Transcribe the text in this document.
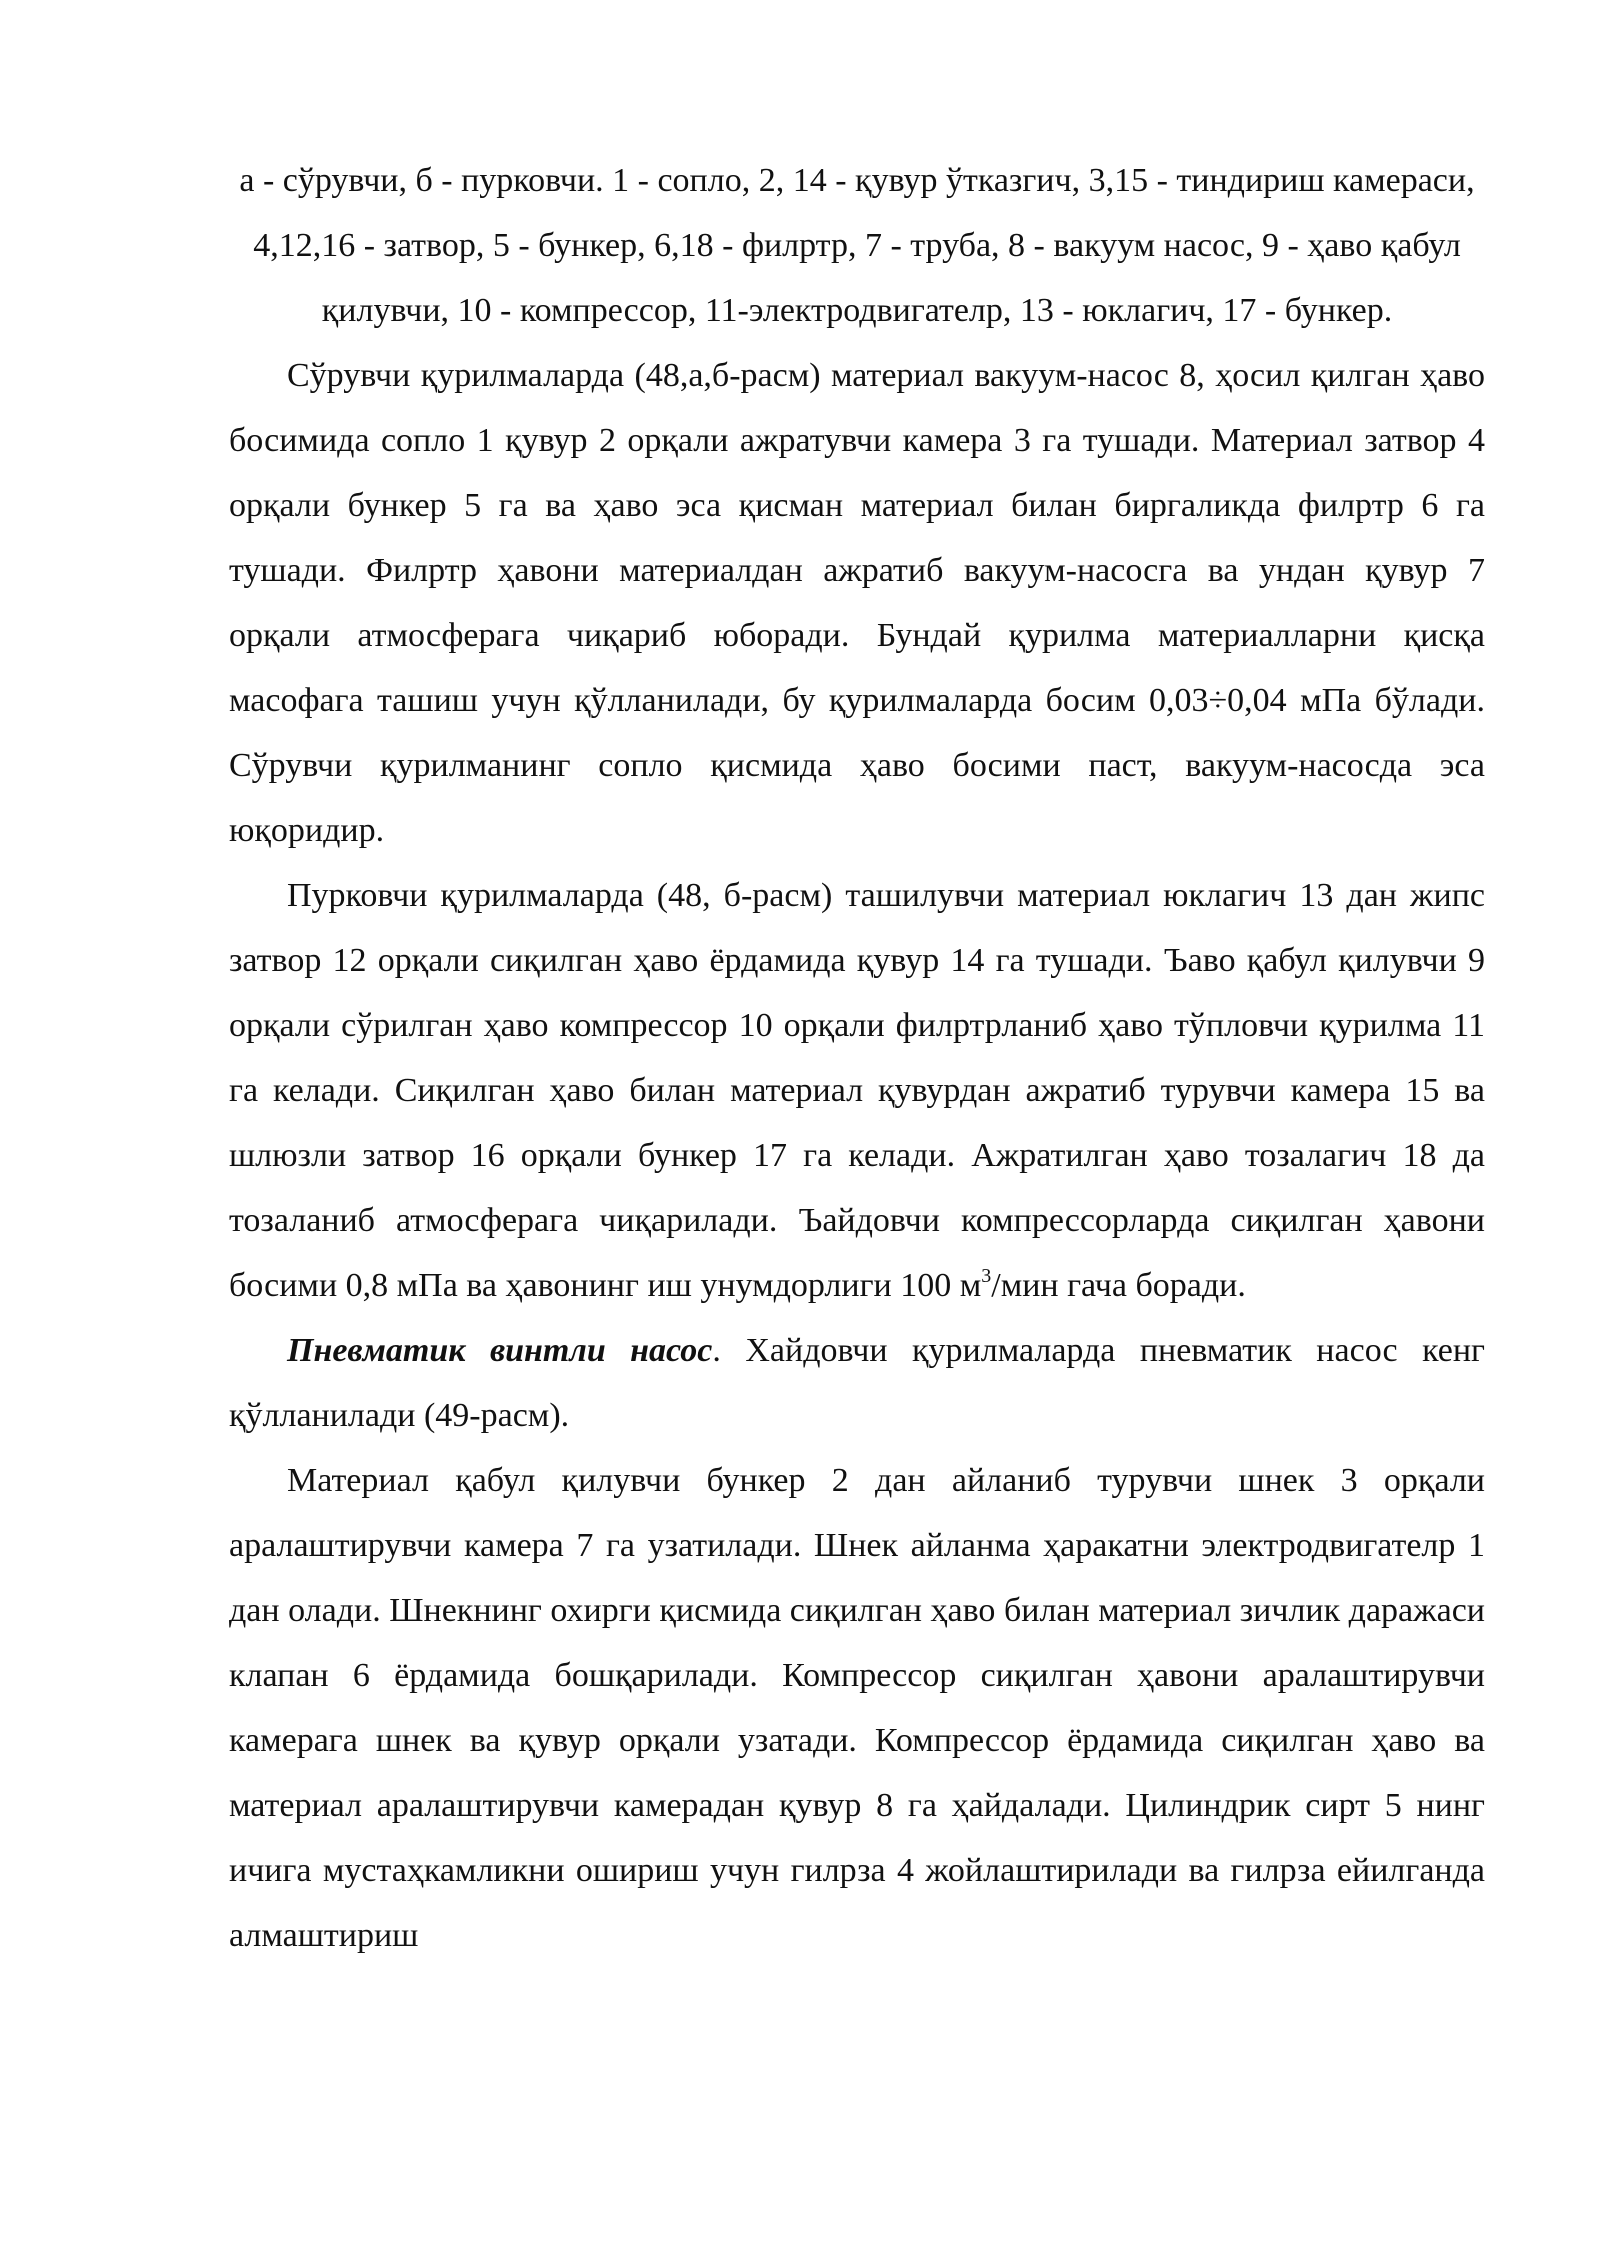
а - сўрувчи, б - пурковчи. 1 - сопло, 2, 14 - қувур ўтказгич, 3,15 - тиндириш камераси, 4,12,16 - затвор, 5 - бункер, 6,18 - филртр, 7 - труба, 8 - вакуум насос, 9 - ҳаво қабул қилувчи, 10 - компрессор, 11-электродвигателр, 13 - юклагич, 17 - бункер.

Сўрувчи қурилмаларда (48,а,б-расм) материал вакуум-насос 8, ҳосил қилган ҳаво босимида сопло 1 қувур 2 орқали ажратувчи камера 3 га тушади. Материал затвор 4 орқали бункер 5 га ва ҳаво эса қисман материал билан биргаликда филртр 6 га тушади. Филртр ҳавони материалдан ажратиб вакуум-насосга ва ундан қувур 7 орқали атмосферага чиқариб юборади. Бундай қурилма материалларни қисқа масофага ташиш учун қўлланилади, бу қурилмаларда босим 0,03÷0,04 мПа бўлади. Сўрувчи қурилманинг сопло қисмида ҳаво босими паст, вакуум-насосда эса юқоридир.

Пурковчи қурилмаларда (48, б-расм) ташилувчи материал юклагич 13 дан жипс затвор 12 орқали сиқилган ҳаво ёрдамида қувур 14 га тушади. Ъаво қабул қилувчи 9 орқали сўрилган ҳаво компрессор 10 орқали филртрланиб ҳаво тўпловчи қурилма 11 га келади. Сиқилган ҳаво билан материал қувурдан ажратиб турувчи камера 15 ва шлюзли затвор 16 орқали бункер 17 га келади. Ажратилган ҳаво тозалагич 18 да тозаланиб атмосферага чиқарилади. Ъайдовчи компрессорларда сиқилган ҳавони босими 0,8 мПа ва ҳавонинг иш унумдорлиги 100 $м^3$/мин гача боради.

Пневматик винтли насос. Хайдовчи қурилмаларда пневматик насос кенг қўлланилади (49-расм).

Материал қабул қилувчи бункер 2 дан айланиб турувчи шнек 3 орқали аралаштирувчи камера 7 га узатилади. Шнек айланма ҳаракатни электродвигателр 1 дан олади. Шнекнинг охирги қисмида сиқилган ҳаво билан материал зичлик даражаси клапан 6 ёрдамида бошқарилади. Компрессор сиқилган ҳавони аралаштирувчи камерага шнек ва қувур орқали узатади. Компрессор ёрдамида сиқилган ҳаво ва материал аралаштирувчи камерадан қувур 8 га ҳайдалади. Цилиндрик сирт 5 нинг ичига мустаҳкамликни ошириш учун гилрза 4 жойлаштирилади ва гилрза ейилганда алмаштириш
